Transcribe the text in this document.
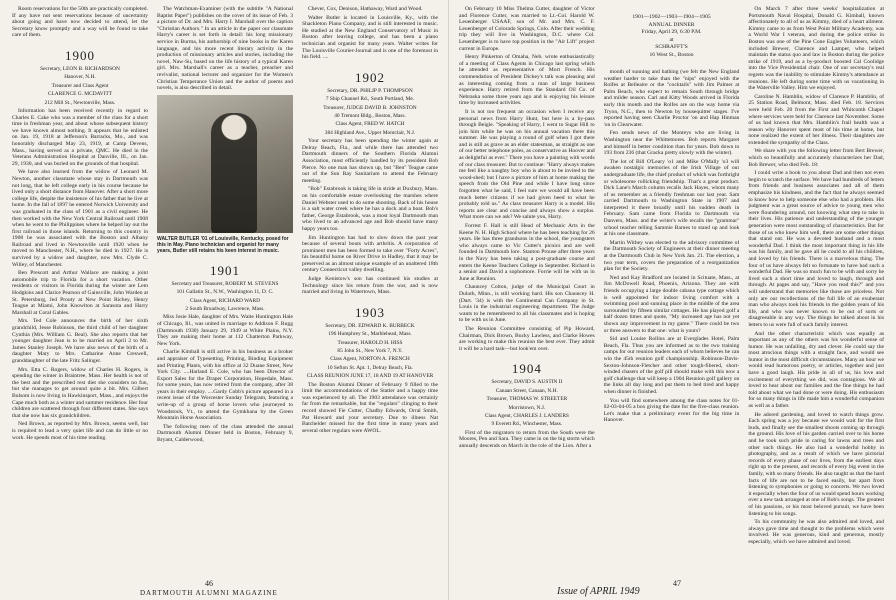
Room reservations for the 50th are practically completed. If any have not sent reservations because of uncertainty about going and have now decided to attend, let the Secretary know promptly and a way will be found to take care of them.

1900

Secretary, LEON B. RICHARDSON

Hanover, N.H.

Treasurer and Class Agent

CLARENCE G. MCDAVITT

212 Mill St., Newtonville, Mass.

Information has been received recently in regard to Charles E. Cake who was a member of the class for a short time in freshman year, and about whose subsequent history we have known almost nothing. It appears that he enlisted on Jan. 19, 1918 at Jefferson's Barracks, Mo., and was honorably discharged May 23, 1919, at Camp Devens, Mass., having served as a private, QMC. He died in the Veterans Administration Hospital at Danville, Ill., on Jan. 29, 1930, and was buried on the grounds of that hospital.

We have also learned from the widow of Leonard M. Newton, another classmate whose stay in Dartmouth was not long, that he left college early in his course because he lived only a short distance from Hanover. After a short more college life, despite the insistence of his father that he live at home. In the fall of 1897 he entered Norwich University and was graduated in the class of 1901 as a civil engineer. He then worked with the New York Central Railroad until 1908 when he went to the Philippines where he helped lay out the first railroad in those islands. Returning to this country in 1908 he was associated with the Boston and Albany Railroad and lived in Newtonville until 1920 when he moved to Manchester, N.H., where he died in 1927. He is survived by a widow and daughter, now Mrs. Clyde C. Willey, of Manchester.

Ben Prescott and Arthur Wallace are making a joint automobile trip to Florida for a short vacation. Other residents or visitors in Florida during the winter are Lem Hodgkins and Clarice Pearson of Gainsville, John Warden at St. Petersburg, Jed Prouty at New Point Richey, Henry Teague at Miami, John Knowlton at Sarasota and Harry Marshall at Coral Gables.

Mrs. Ted Cole announces the birth of her sixth grandchild, Jesse Robinson, the third child of her daughter Cynthia (Mrs. William G. Beal). She also reports that her younger daughter Jean is to be married on April 2 to Mr. James Stanley Joseph. We have also news of the birth of a daughter Mary to Mrs. Catharine Anne Creswell, granddaughter of the late Fritz Salinger.

Mrs. Etta C. Rogers, widow of Charles H. Rogers, is spending the winter in Braintree, Mass. Her health is not of the best and the prescribed rest diet she considers no fun, but she manages to get around quite a bit. Mrs. Gilbert Bulsom is now living in Hawkinsport, Mass., and enjoys the Cape much both as a winter and summer residence. Her four children are scattered through four different states. She says that she now has six grandchildren.

Ned Brown, as reported by Mrs. Brown, seems well, but is required to lead a very quiet life and can do little or no work. He spends most of his time reading.

The Watchman-Examiner (with the subtitle "A National Baptist Paper") publishes on the cover of its issue of Feb. 3 a picture of Dr. and Mrs. Harry I. Marshall over the caption "Christian Authors." In an article in the paper our classmate Harry's career is set forth in detail: his long missionary service in Burma, his authorship of nine books in the Karen language, and his more recent literary activity in the production of missionary articles and stories, including the novel, Naw-Su, based on the life history of a typical Karen girl. Mrs. Marshall's career as a teacher, preacher and revivalist, national lecturer and organizer for the Women's Christian Temperance Union and the author of poems and novels, is also described in detail.

WALTER BUTLER '01 of Louisville, Kentucky, posed for this in May. Piano technician and organist for many years, Butler still retains his keen interest in music.
1901

Secretary and Treasurer, ROBERT M. STEVENS

101 Gallatin St., N.W., Washington 11, D. C.

Class Agent, RICHARD WARD

2 South Broadway, Lawrence, Mass.

Miss Josie Hale, daughter of Mrs. Waite Huntington Hale of Chicago, Ill., was united in marriage to Addison F. Rugg (Dartmouth 1930) January 29, 1949 at White Plains, N.Y. They are making their home at 112 Chatterton Parkway, New York.

Charlie Kimball is still active in his business as a broker and appraiser of Typesetting, Printing, Binding Equipment and Printing Plants, with his office at 32 Duane Street, New York City. ....Harland E. Cole, who has been Director of Export Sales for the Draper Corporation, Hopedale, Mass. for some years, has now retired from the company, after 38 years in their employ. ....Gardy Cobb's picture appeared in a recent issue of the Worcester Sunday Telegram, featuring a write-up of a group of horse lovers who journeyed to Woodstock, Vt., to attend the Gymkhana by the Green Mountain Horse Association.

The following men of the class attended the annual Dartmouth Alumni Dinner held in Boston, February 9, Bryant, Calderwood,

Chever, Cox, Denison, Hathaway, Ward and Wood.

Walter Butler is located in Louisville, Ky., with the Shackleton Piano Company, and is still interested in music. He studied at the New England Conservatory of Music in Boston after leaving college, and has been a piano technician and organist for many years. Walter writes for The Louisville Courier-Journal and is one of the foremost in his field. ....

1902

Secretary, DR. PHILIP P. THOMPSON

7 Ship Channel Rd., South Portland, Me.

Treasurer, JUDGE DAVID B. JOHNSTON

40 Tremont Bldg., Boston, Mass.

Class Agent, FRED W. HATCH

384 Highland Ave., Upper Montclair, N.J.

Your secretary has been spending the winter again at Delray Beach, Fla., and while there has attended two Dartmouth dinners of the Southern Florida Alumni Association, most efficiently handled by its president Bob Pierce. No one man has shown up, but "Ben" Teague came out of the Sun Ray Sanitarium to attend the February meeting.

"Bob" Estabrook is taking life in stride at Duxbury, Mass. on his comfortable estate overlooking the marshes where Daniel Webster used to do some shooting. Back of his house is a salt water creek where he has a dock and a boat. Bob's father, George Estabrook, was a most loyal Dartmouth man who lived to an advanced age and Bob should have many happy years too.

Jim Huntington has had to slow down the past year because of several bouts with arthritis. A corporation of prominent men has been formed to take over "Forty Acres", his beautiful home on River Drive in Hadley, that it may be preserved as an almost unique example of an unaltered 18th century Connecticut valley dwelling.

Judge Kenistow's son has continued his studies at Technology since his return from the war, and is now married and living in Watertown, Mass.

1903

Secretary, DR. EDWARD K. BURBECK

196 Humphrey St., Marblehead, Mass.

Treasurer, HAROLD H. HISS

85 John St., New York 7, N.Y.

Class Agent, NORTON A. FRENCH

10 Sefton St. Apt. 1, Delray Beach, Fla.

CLASS REUNION JUNE 17, 18 AND 19 AT HANOVER

The Boston Alumni Dinner of February 9 filled to the limit the accommodations of the Statler and a happy time was experienced by all. The 1903 attendance was certainly far from the remarkable, but the "regulars" clinging to their record showed Fie Cutter, Chadby Edwards, Orral Smith, Pat Howard and your secretary. Due to illness Nat Batchelder missed for the first time in many years and several other regulars were AWOL.

46
DARTMOUTH ALUMNI MAGAZINE

On February 10 Miss Thelma Cutter, daughter of Victor and Florence Cutter, was married to Lt.-Col. Harold W. Leuenberger USAAF, son of Mr. and Mrs. C. F. Leuenberger of Colorado Springs, Colo. After their wedding trip they will live in Washington, D.C. where Col. Leuenberger is to have top position in the "Air Lift" project current in Europe.

Henry Pinkerton of Omaha, Neb. wrote enthusiastically of a meeting of Class Agents in Chicago last spring which he attended as representative of Mort French. His commendation of President Dickey's talk was pleasing and as interesting coming from a man of large business experience. Harry retired from the Standard Oil Co. of Nebraska some three years ago and is enjoying his leisure time by increased activities.

It is not too frequent an occasion when I receive any personal news from Harry Hunt, but here is a by-pass through Beigle. "Speaking of Harry, I went to Sugar Hill to join him while he was on his annual vacation there this summer. He was playing a round of golf when I got there and is still as grave as an elder statesman, as straight as one of our better telephone poles, as conservative as Hoover and as delightful as ever." There you have a painting with words of our class treasurer. But to continue: "Harry always makes me feel like a naughty boy who is about to be invited to the wood-shed; but I have a picture of him at home making the speech from the Old Pine and while I have long since forgotten what he said, I feel sure we would all have been much better citizens if we had given heed to what he probably told us." As class treasurer Harry is a model. His reports are clear and concise and always show a surplus. What more can we ask? We salute you, Harry.

Forrest F. Hall is still Head of Mechanic Arts in the Keene N. H. High School where he has been teaching for 26 years. He has three grandsons in the school, the youngsters who always came to Vic Cutter's picnics and are well founded in Dartmouth lore. Stanton Prouse after three years in the Navy has been taking a post-graduate course and enters the Keene Teachers College in September. Richard is a senior and David a sophomore. Forrie will be with us in June at Reunion.

Chauncey Colton, judge of the Municipal Court in Duluth, Minn., is still working hard. His son Chauncey H. (Dart. '34) is with the Continental Can Company in St. Louis in the industrial engineering department. The Judge wants to be remembered to all his classmates and is hoping to be with us in June.

The Reunion Committee consisting of Pip Howard, Chairman, Dick Brown, Bucky Lawless, and Clarke Howes are working to make this reunion the best ever. They admit it will be a hard task—but look'em over.

1904

Secretary, DAVID S. AUSTIN II

Canaan Street, Canaan, N.H.

Treasurer, THOMAS W. STREETER

Morristown, N.J.

Class Agent, CHARLES J. LANDERS

9 Everett Rd., Winchester, Mass.

First of the migrators to return from the South were the Moores, Pen and Sara. They came in on the big storm which annually descends on March in the role of the Lion. After a

1901—1902—1903—1904—1905
ANNUAL DINNER
Friday, April 29, 6:30 P.M.
at
SCHRAFFT'S
16 West St., Boston

month of sunning and bathing (we felt the New England weather harder to take than the "nips" enjoyed with the Rolfes at Belleaire or the "cocktails" with Jim Palmer at Palm Beach, who expect to remain South through bridge and milder season. Carl and Kitty Woods arrived in Florida early this month and the Rolfes are on the way home via Tryon, N.C., then to Newton by housequitter stages. I've reported having seen Charlie Proctor 'on and Hap Hinman 'on in Clearwater.

Fen sends news of the Monteys who are living in Washington near the Whittemores. Bob reports Margaret and himself in better condition than for years. Bob down to 193 from 236 (that Gracka pretty slowly with the winter).

The lot of Bill O'Leary 'o1 and Mike O'Mally 'o3 will awaken nostalgic memories of the Irish Village of our undergraduate life, the chief product of which was forthright or wholesome rollicking friendship. That's a great product. Dick Lane's March column recalls Jack Hayes, whom many of us remember as a friendly freshman our last year. Sam carried Dartmouth to Washington State in 1907 and interpreted it there broadly until his sudden death in February. Sam came from Florida to Dartmouth via Danvers, Mass. and the writer's wife recalls the "grammar" school teacher telling Sammie Barnes to stand up and look at his one classmate.

Martin Withey was elected to the advisory committee of the Dartmouth Society of Engineers at their dinner meeting at the Dartmouth Club in New York Jan. 21. The election, a two year term, covers the preparation of a reorganization plan for the Society.

Ned and Kay Bradford are located in Scituate, Mass., at Jim McDowell Road, Phoenix, Arizona. They are with friends occupying a large double cabana type cottage which is well appointed for indoor living comfort with a swimming pool and sunning place in the middle of the area surrounded by fifteen similar cottages. He has played golf a half dozen times and quote, "My increased age has not yet shown any improvement in my game." There could be two or three answers to that one: what is yours?

Sid and Louise Rollins are at Everglades Hotel, Palm Beach, Fla. Thus you are informed as to the two training camps for our reunion leaders each of whom believes he can win the 45th reunion golf championship. Robinson-Davis-Sexton-Johnson-Fletcher and other tough-fibered, short-winded chasers of the golf pill should make with this now a golf challenge that will keep a 1904 Reunion golf gallery on the links all day long and put them to bed tired and happy when dinner is finished.

You will find somewhere among the class notes for 01-02-03-04-05 a box giving the date for the five-class reunion. Let's make that a preliminary event for the big time in Hanover.

On March 7 after three weeks' hospitalization at Portsmouth Naval Hospital, Donald G. Kimball, known affectionately to all of us as Kimmy, died of a heart ailment. Kimmy came to us from West Point Military Academy, was a World War I veteran, and during the police strike in Boston was one of the Pine Cone Eagles Volunteers, which included Brewer, Clarence and Lamper, who helped maintain the status quo and law in Boston during the police strike of 1919, and as a by-product boosted Cal Coolidge into the Vice Presidential chair. One of our secretary's real regrets was the inability to stimulate Kimmy's attendance at reunions. He left during some time with us vacationing in the Waterville Valley. Him we enjoyed.

Caroline N. Hamblin, widow of Clarence P. Hamblin, of 25 Station Road, Belmont, Mass. died Feb. 18. Services were held Feb. 20 from the First and Whitcomb Chapel where services were held for Clarence last November. Some of us had known that Mrs. Hamblin's frail health was a reason why Hanover spent most of his time at home, but none realized the extent of her illness. Their daughters are extended the sympathy of the Class.

We share with you the following letter from Bert Brewer, which so beautifully and accurately characterizes her Dad, Bob Brewer, who died Feb. 18:

I could write a book to you about Dad and then not even begin to scratch the surface. We have had hundreds of letters from friends and business associates and all of them emphasize his kindness, and the fact that he always seemed to know how to help someone else who had a problem. His judgment was a great source of advice to young men who were floundering around, not knowing what step to take in their lives. His patience and understanding of the younger generation were most outstanding of characteristics. But for those of us who knew him well, there are some other things that stand out. He was a devoted husband and a most wonderful Dad. I think the most important thing in his life was his family, and he gave all he could to all his children, and loved by his friends. There is a marvelous thing. The four of us have always felt so fortunate to have had such a wonderful Dad. He was so much fun to be with and sorry he lived such a short time and loved to laugh, through and through. At pages and say, "Have you read this?" and you will understand that memories like those are priceless. Not only are our recollections of the full life of an exuberant man who always took his friends in the golden years of his life, and who was never known to be out of sorts or disagreeable in any way. The things he talked about in his letters to us were full of such family interest.

And the other characteristic which was equally as important as any of the others was his wonderful sense of humor. He was unfailing, dry and clever. He could say the most atrocious things with a straight face, and would see humor in the most difficult circumstances. Many an hour we would read humorous poetry, or articles, together and just have a good laugh. His pride in all of us, his love and excitement of everything we did, was contagious. We all loved to hear about our families and the fine things he had told about what we had done or were doing. His enthusiasm for so many things in life made him a wonderful companion as well as a father.

He adored gardening, and loved to watch things grow. Each spring was a joy because we would wait for the first buds, and finally see the smallest shoots coming up through the ground. His love of his garden carried over to his home and he took such pride in caring for lawns and trees and other such things. He also had a wonderful hobby in photography, and as a result of which we have pictorial records of every phase of our lives, from the earliest days right up to the present, and records of every big event in the family, with so many friends. He also taught us that the hard facts of life are not to be faced easily, but apart from listening to symphonies or going to concerts. We two loved it especially when the four of us would spend hours working over a new task arranged at one of Bob's songs. The greatest of his passions, or his most beloved pursuit, we have been listening to his songs.

To his community he was also admired and loved, and always gave time and thought to the problems which were involved. He was generous, kind and generous, mostly especially, which we have admired and loved.

Issue of APRIL 1949
47
